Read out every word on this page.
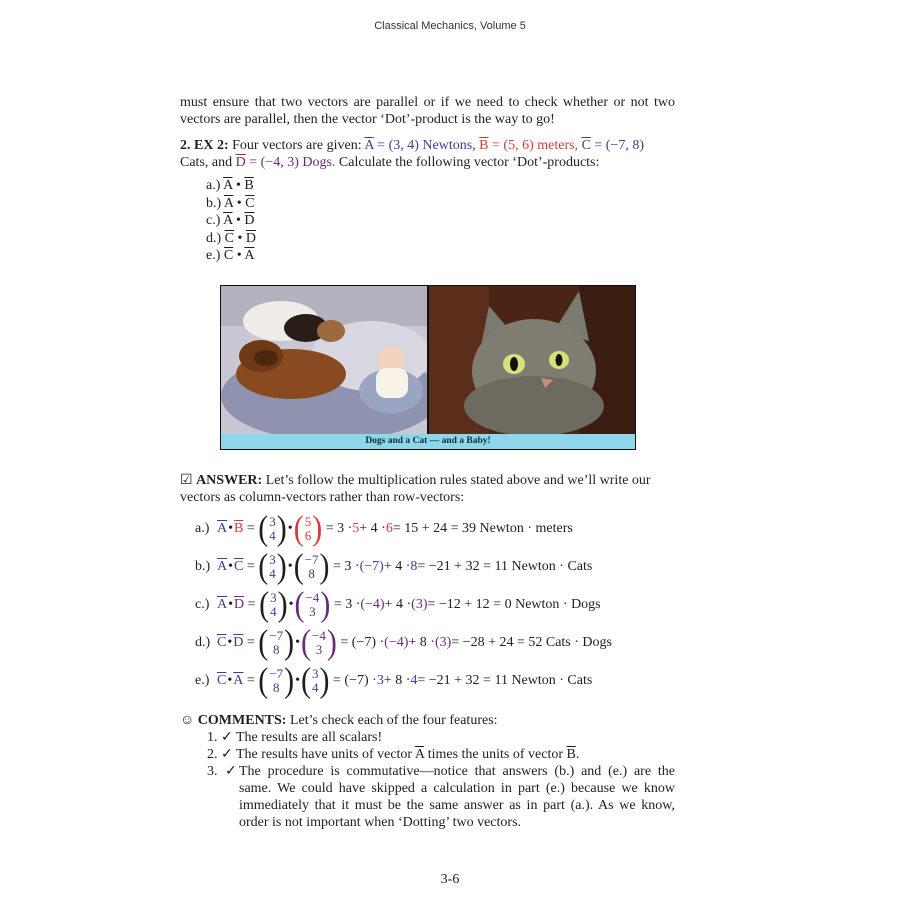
Classical Mechanics, Volume 5
must ensure that two vectors are parallel or if we need to check whether or not two vectors are parallel, then the vector ‘Dot’-product is the way to go!
2. EX 2: Four vectors are given: $\overline{A} = (3$, 4) Newtons, $\overline{B} = (5$, 6) meters, $\overline{C} = (-7$, 8)
Cats, and $\overline{D} = (-4$, 3) Dogs. Calculate the following vector ‘Dot’-products:
a.) $\overline{A}$ • $\overline{B}$
b.) $\overline{A}$ • $\overline{C}$
c.) $\overline{A}$ • $\overline{D}$
d.) $\overline{C}$ • $\overline{D}$
e.) $\overline{C}$ • $\overline{A}$
Dogs and a Cat — and a Baby!
☑ ANSWER: Let’s follow the multiplication rules stated above and we’ll write our vectors as column-vectors rather than row-vectors:
a.) $\overline{A}$ • $\overline{B}$ = ( 3
4 ) • ( 5
6 )
= 3 · 5 + 4 · 6 = 15 + 24 = 39 Newton · meters
b.) $\overline{A}$ • $\overline{C}$ = ( 3
4 ) • ( −7
8 )
= 3 · (−7) + 4 · 8 = −21 + 32 = 11 Newton · Cats
c.) $\overline{A}$ • $\overline{D}$ = ( 3
4 ) • ( −4
3 )
= 3 · (−4) + 4 · (3) = −12 + 12 = 0 Newton · Dogs
d.) $\overline{C}$ • $\overline{D}$ = ( −7
8 ) • ( −4
3 )
= (−7) · (−4) + 8 · (3) = −28 + 24 = 52 Cats · Dogs
e.) $\overline{C}$ • $\overline{A}$ = ( −7
8 ) • ( 3
4 )
= (−7) · 3 + 8 · 4 = −21 + 32 = 11 Newton · Cats
☺ COMMENTS: Let’s check each of the four features:
1. ✓ The results are all scalars!
2. ✓ The results have units of vector $\overline{A}$ times the units of vector $\overline{B}$.
3. ✓ The procedure is commutative—notice that answers (b.) and (e.) are the same. We could have skipped a calculation in part (e.) because we know immediately that it must be the same answer as in part (a.). As we know, order is not important when ‘Dotting’ two vectors.
3-6
